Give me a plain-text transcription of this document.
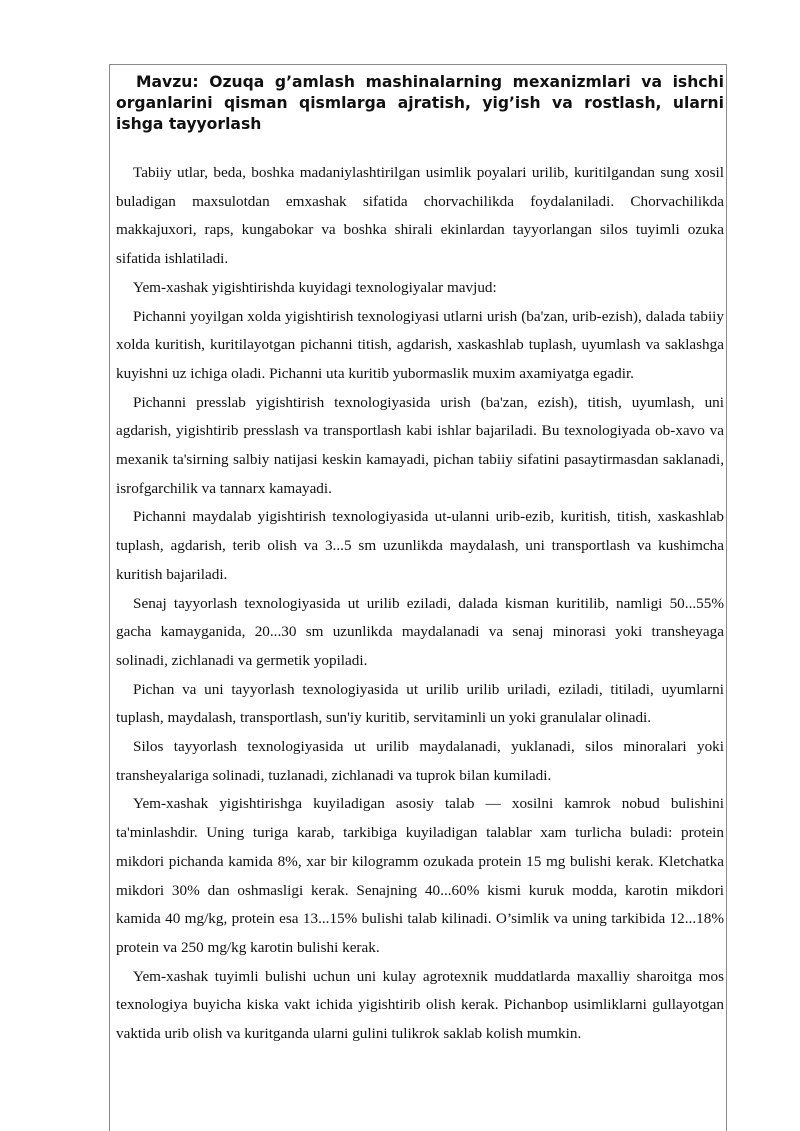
Mavzu: Ozuqa g’amlash mashinalarning mexanizmlari va ishchi organlarini qisman qismlarga ajratish, yig’ish va rostlash, ularni ishga tayyorlash

Tabiiy utlar, beda, boshka madaniylashtirilgan usimlik poyalari urilib, kuritilgandan sung xosil buladigan maxsulotdan emxashak sifatida chorvachilikda foydalaniladi. Chorvachilikda makkajuxori, raps, kungabokar va boshka shirali ekinlardan tayyorlangan silos tuyimli ozuka sifatida ishlatiladi.

Yem-xashak yigishtirishda kuyidagi texnologiyalar mavjud:

Pichanni yoyilgan xolda yigishtirish texnologiyasi utlarni urish (ba'zan, urib-ezish), dalada tabiiy xolda kuritish, kuritilayotgan pichanni titish, agdarish, xaskashlab tuplash, uyumlash va saklashga kuyishni uz ichiga oladi. Pichanni uta kuritib yubormaslik muxim axamiyatga egadir.

Pichanni presslab yigishtirish texnologiyasida urish (ba'zan, ezish), titish, uyumlash, uni agdarish, yigishtirib presslash va transportlash kabi ishlar bajariladi. Bu texnologiyada ob-xavo va mexanik ta'sirning salbiy natijasi keskin kamayadi, pichan tabiiy sifatini pasaytirmasdan saklanadi, isrofgarchilik va tannarx kamayadi.

Pichanni maydalab yigishtirish texnologiyasida ut-ulanni urib-ezib, kuritish, titish, xaskashlab tuplash, agdarish, terib olish va 3...5 sm uzunlikda maydalash, uni transportlash va kushimcha kuritish bajariladi.

Senaj tayyorlash texnologiyasida ut urilib eziladi, dalada kisman kuritilib, namligi 50...55% gacha kamayganida, 20...30 sm uzunlikda maydalanadi va senaj minorasi yoki transheyaga solinadi, zichlanadi va germetik yopiladi.

Pichan va uni tayyorlash texnologiyasida ut urilib urilib uriladi, eziladi, titiladi, uyumlarni tuplash, maydalash, transportlash, sun'iy kuritib, servitaminli un yoki granulalar olinadi.

Silos tayyorlash texnologiyasida ut urilib maydalanadi, yuklanadi, silos minoralari yoki transheyalariga solinadi, tuzlanadi, zichlanadi va tuprok bilan kumiladi.

Yem-xashak yigishtirishga kuyiladigan asosiy talab — xosilni kamrok nobud bulishini ta'minlashdir. Uning turiga karab, tarkibiga kuyiladigan talablar xam turlicha buladi: protein mikdori pichanda kamida 8%, xar bir kilogramm ozukada protein 15 mg bulishi kerak. Kletchatka mikdori 30% dan oshmasligi kerak. Senajning 40...60% kismi kuruk modda, karotin mikdori kamida 40 mg/kg, protein esa 13...15% bulishi talab kilinadi. O’simlik va uning tarkibida 12...18% protein va 250 mg/kg karotin bulishi kerak.

Yem-xashak tuyimli bulishi uchun uni kulay agrotexnik muddatlarda maxalliy sharoitga mos texnologiya buyicha kiska vakt ichida yigishtirib olish kerak. Pichanbop usimliklarni gullayotgan vaktida urib olish va kuritganda ularni gulini tulikrok saklab kolish mumkin.
